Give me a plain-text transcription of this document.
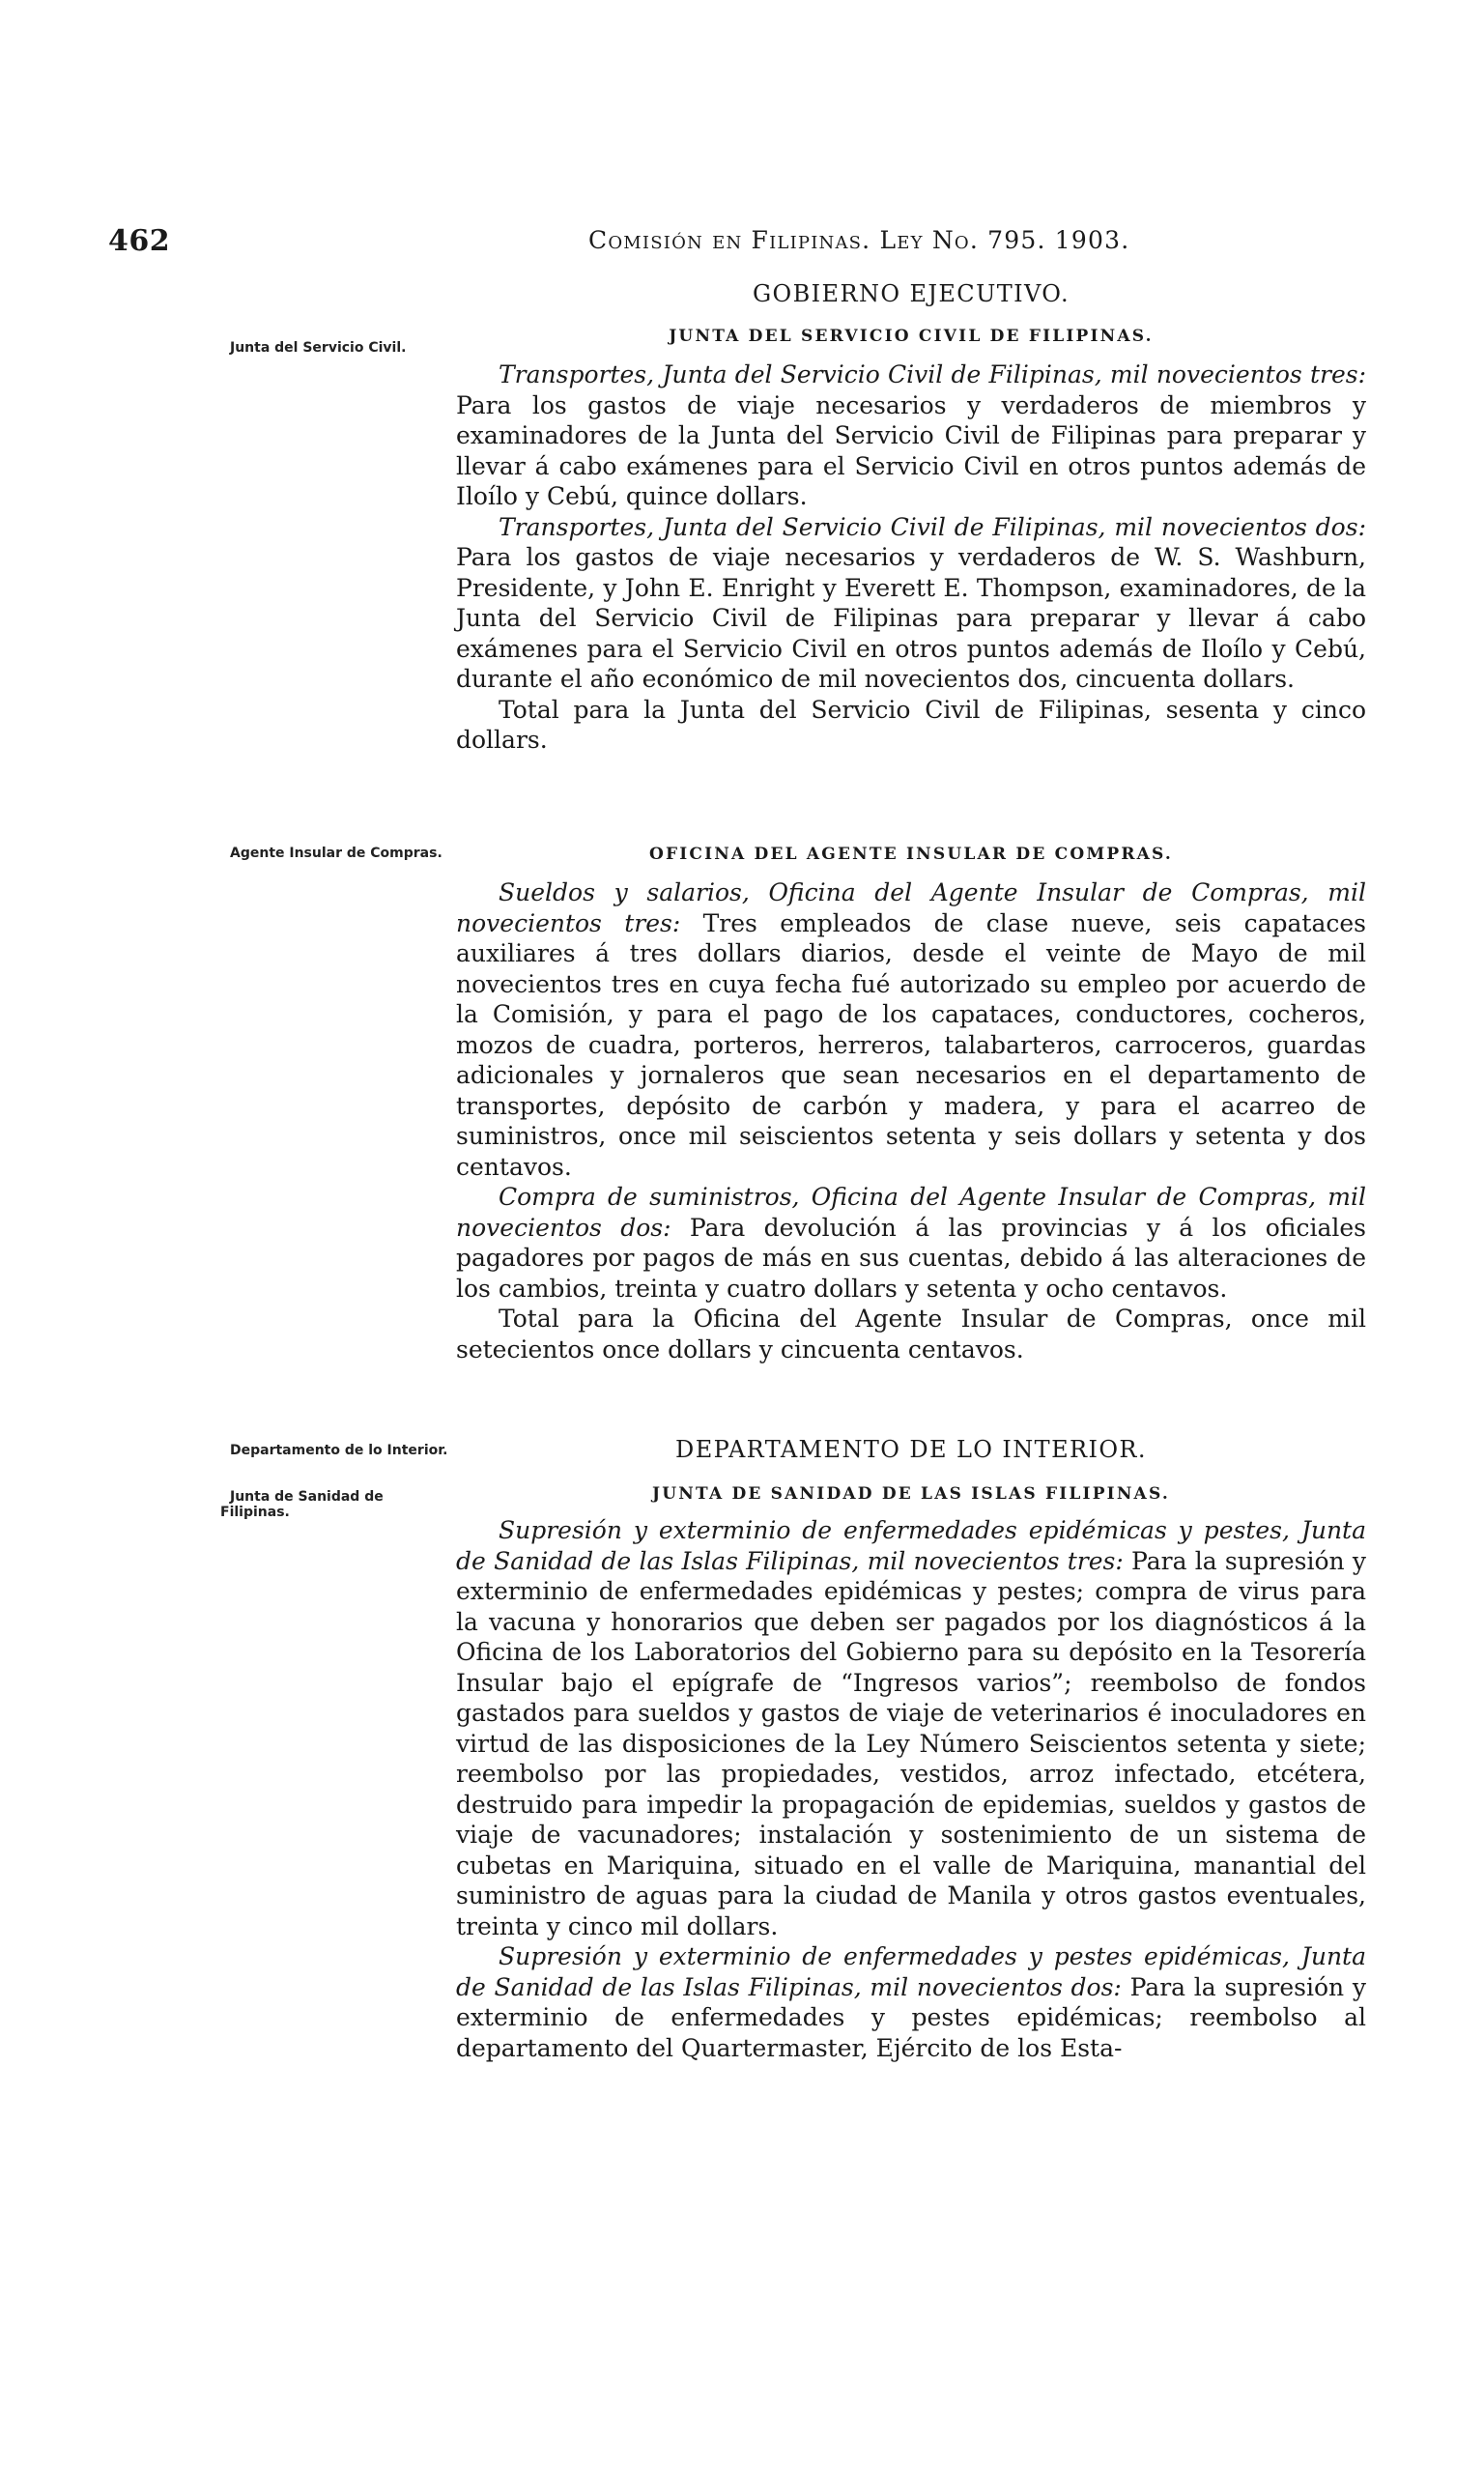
462	Comisión en Filipinas. Ley No. 795. 1903.
Junta del Servicio Civil.
Agente Insular de Compras.
Departamento de lo Interior.
Junta de Sanidad de Filipinas.
GOBIERNO EJECUTIVO.
JUNTA DEL SERVICIO CIVIL DE FILIPINAS.

Transportes, Junta del Servicio Civil de Filipinas, mil novecientos tres: Para los gastos de viaje necesarios y verdaderos de miembros y examinadores de la Junta del Servicio Civil de Filipinas para preparar y llevar á cabo exámenes para el Servicio Civil en otros puntos además de Iloílo y Cebú, quince dollars.

Transportes, Junta del Servicio Civil de Filipinas, mil novecientos dos: Para los gastos de viaje necesarios y verdaderos de W. S. Washburn, Presidente, y John E. Enright y Everett E. Thompson, examinadores, de la Junta del Servicio Civil de Filipinas para preparar y llevar á cabo exámenes para el Servicio Civil en otros puntos además de Iloílo y Cebú, durante el año económico de mil novecientos dos, cincuenta dollars.

Total para la Junta del Servicio Civil de Filipinas, sesenta y cinco dollars.

OFICINA DEL AGENTE INSULAR DE COMPRAS.

Sueldos y salarios, Oficina del Agente Insular de Compras, mil novecientos tres: Tres empleados de clase nueve, seis capataces auxiliares á tres dollars diarios, desde el veinte de Mayo de mil novecientos tres en cuya fecha fué autorizado su empleo por acuerdo de la Comisión, y para el pago de los capataces, conductores, cocheros, mozos de cuadra, porteros, herreros, talabarteros, carroceros, guardas adicionales y jornaleros que sean necesarios en el departamento de transportes, depósito de carbón y madera, y para el acarreo de suministros, once mil seiscientos setenta y seis dollars y setenta y dos centavos.

Compra de suministros, Oficina del Agente Insular de Compras, mil novecientos dos: Para devolución á las provincias y á los oficiales pagadores por pagos de más en sus cuentas, debido á las alteraciones de los cambios, treinta y cuatro dollars y setenta y ocho centavos.

Total para la Oficina del Agente Insular de Compras, once mil setecientos once dollars y cincuenta centavos.

DEPARTAMENTO DE LO INTERIOR.
JUNTA DE SANIDAD DE LAS ISLAS FILIPINAS.

Supresión y exterminio de enfermedades epidémicas y pestes, Junta de Sanidad de las Islas Filipinas, mil novecientos tres: Para la supresión y exterminio de enfermedades epidémicas y pestes; compra de virus para la vacuna y honorarios que deben ser pagados por los diagnósticos á la Oficina de los Laboratorios del Gobierno para su depósito en la Tesorería Insular bajo el epígrafe de “Ingresos varios”; reembolso de fondos gastados para sueldos y gastos de viaje de veterinarios é inoculadores en virtud de las disposiciones de la Ley Número Seiscientos setenta y siete; reembolso por las propiedades, vestidos, arroz infectado, etcétera, destruido para impedir la propagación de epidemias, sueldos y gastos de viaje de vacunadores; instalación y sostenimiento de un sistema de cubetas en Mariquina, situado en el valle de Mariquina, manantial del suministro de aguas para la ciudad de Manila y otros gastos eventuales, treinta y cinco mil dollars.

Supresión y exterminio de enfermedades y pestes epidémicas, Junta de Sanidad de las Islas Filipinas, mil novecientos dos: Para la supresión y exterminio de enfermedades y pestes epidémicas; reembolso al departamento del Quartermaster, Ejército de los Esta-
